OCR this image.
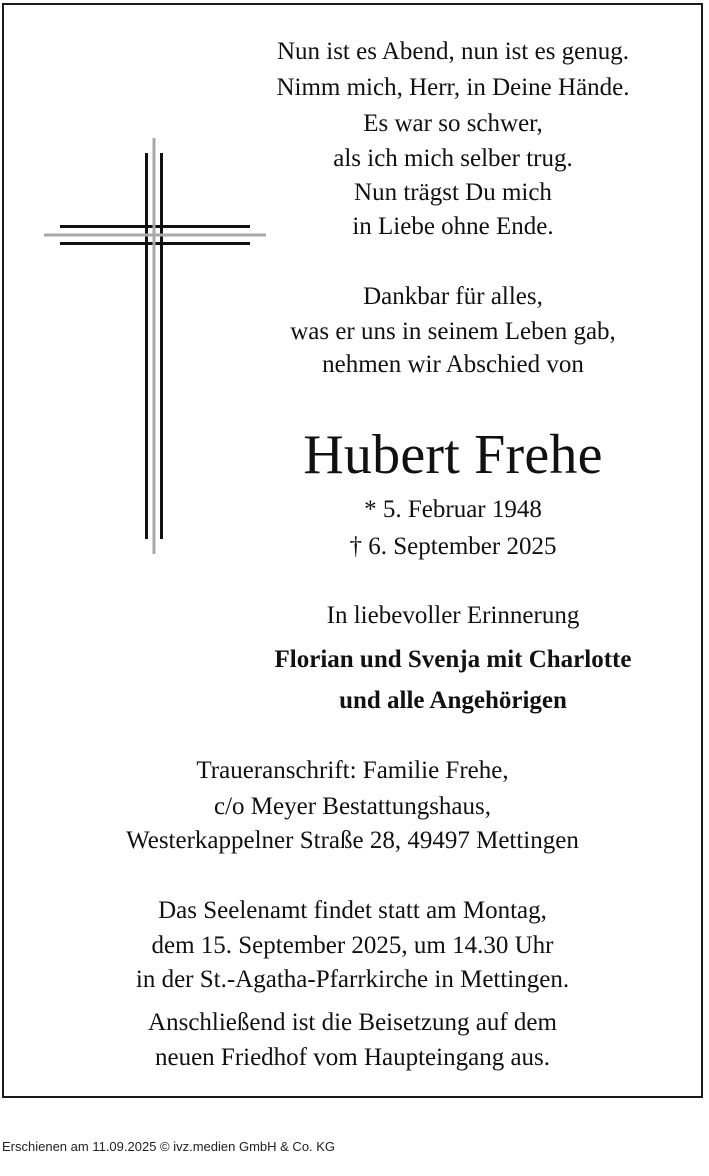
Nun ist es Abend, nun ist es genug.
Nimm mich, Herr, in Deine Hände.
Es war so schwer,
als ich mich selber trug.
Nun trägst Du mich
in Liebe ohne Ende.
Dankbar für alles,
was er uns in seinem Leben gab,
nehmen wir Abschied von
Hubert Frehe
* 5. Februar 1948
† 6. September 2025
In liebevoller Erinnerung
Florian und Svenja mit Charlotte
und alle Angehörigen
Traueranschrift: Familie Frehe,
c/o Meyer Bestattungshaus,
Westerkappelner Straße 28, 49497 Mettingen
Das Seelenamt findet statt am Montag,
dem 15. September 2025, um 14.30 Uhr
in der St.-Agatha-Pfarrkirche in Mettingen.
Anschließend ist die Beisetzung auf dem
neuen Friedhof vom Haupteingang aus.
Erschienen am 11.09.2025 © ivz.medien GmbH & Co. KG
